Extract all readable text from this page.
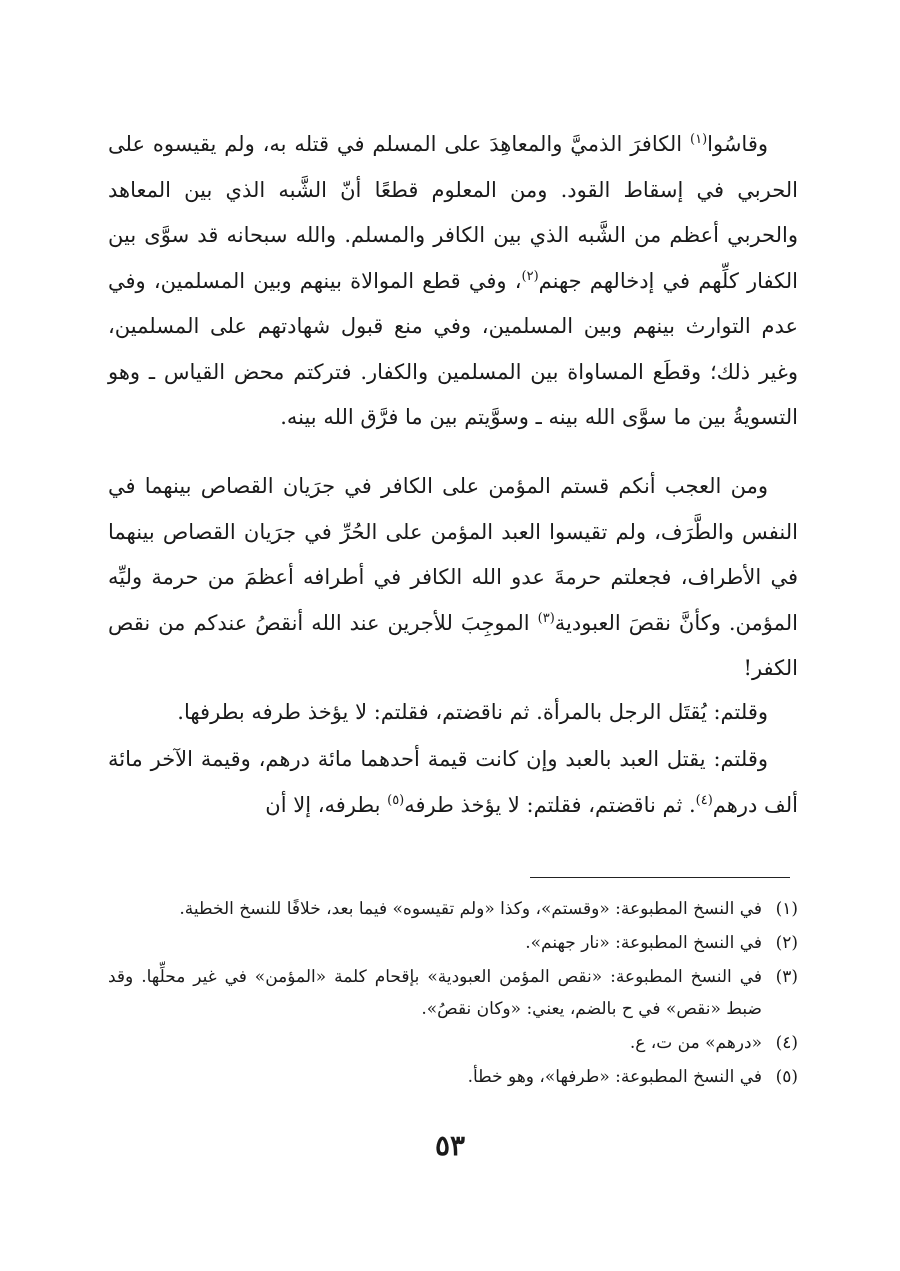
وقاسُوا$^{(١)}$ الكافرَ الذميَّ والمعاهِدَ على المسلم في قتله به، ولم يقيسوه على الحربي في إسقاط القود. ومن المعلوم قطعًا أنّ الشَّبه الذي بين المعاهد والحربي أعظم من الشَّبه الذي بين الكافر والمسلم. والله سبحانه قد سوَّى بين الكفار كلِّهم في إدخالهم جهنم$^{(٢)}$، وفي قطع الموالاة بينهم وبين المسلمين، وفي عدم التوارث بينهم وبين المسلمين، وفي منع قبول شهادتهم على المسلمين، وغير ذلك؛ وقطَع المساواة بين المسلمين والكفار. فتركتم محض القياس ـ وهو التسويةُ بين ما سوَّى الله بينه ـ وسوَّيتم بين ما فرَّق الله بينه.

ومن العجب أنكم قستم المؤمن على الكافر في جرَيان القصاص بينهما في النفس والطَّرَف، ولم تقيسوا العبد المؤمن على الحُرِّ في جرَيان القصاص بينهما في الأطراف، فجعلتم حرمةَ عدو الله الكافر في أطرافه أعظمَ من حرمة وليِّه المؤمن. وكأنَّ نقصَ العبودية$^{(٣)}$ الموجِبَ للأجرين عند الله أنقصُ عندكم من نقص الكفر!

وقلتم: يُقتَل الرجل بالمرأة. ثم ناقضتم، فقلتم: لا يؤخذ طرفه بطرفها.

وقلتم: يقتل العبد بالعبد وإن كانت قيمة أحدهما مائة درهم، وقيمة الآخر مائة ألف درهم$^{(٤)}$. ثم ناقضتم، فقلتم: لا يؤخذ طرفه$^{(٥)}$ بطرفه، إلا أن

(١)
في النسخ المطبوعة: «وقستم»، وكذا «ولم تقيسوه» فيما بعد، خلافًا للنسخ الخطية.
(٢)
في النسخ المطبوعة: «نار جهنم».
(٣)
في النسخ المطبوعة: «نقص المؤمن العبودية» بإقحام كلمة «المؤمن» في غير محلِّها. وقد ضبط «نقص» في ح بالضم، يعني: «وكان نقصُ».
(٤)
«درهم» من ت، ع.
(٥)
في النسخ المطبوعة: «طرفها»، وهو خطأ.
٥٣
